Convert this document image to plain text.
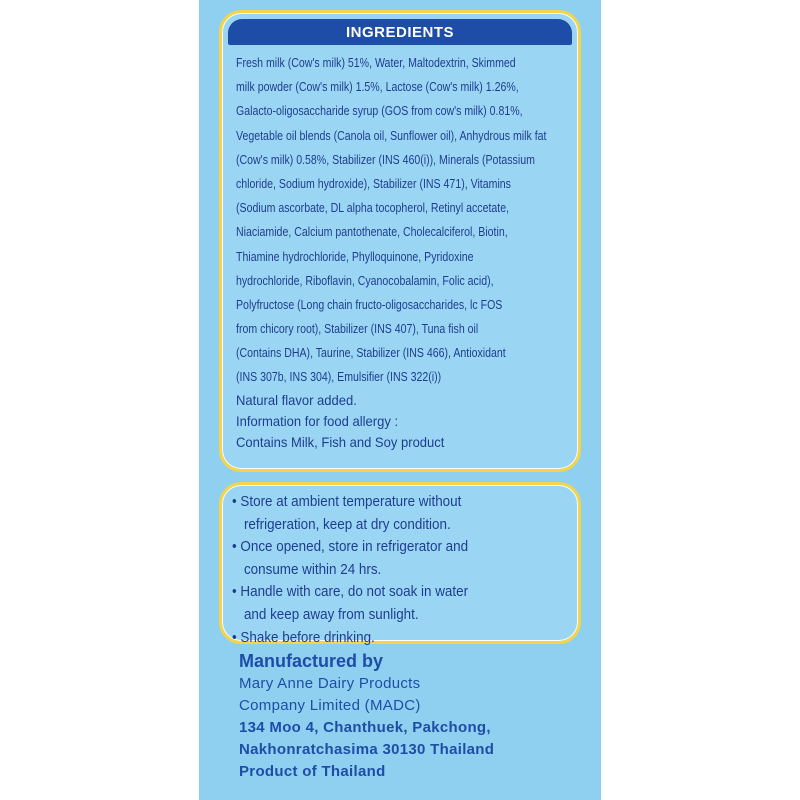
INGREDIENTS
Fresh milk (Cow's milk) 51%, Water, Maltodextrin, Skimmed
milk powder (Cow's milk) 1.5%, Lactose (Cow's milk) 1.26%,
Galacto-oligosaccharide syrup (GOS from cow's milk) 0.81%,
Vegetable oil blends (Canola oil, Sunflower oil), Anhydrous milk fat
(Cow's milk) 0.58%, Stabilizer (INS 460(i)), Minerals (Potassium
chloride, Sodium hydroxide), Stabilizer (INS 471), Vitamins
(Sodium ascorbate, DL alpha tocopherol, Retinyl accetate,
Niaciamide, Calcium pantothenate, Cholecalciferol, Biotin,
Thiamine hydrochloride, Phylloquinone, Pyridoxine
hydrochloride, Riboflavin, Cyanocobalamin, Folic acid),
Polyfructose (Long chain fructo-oligosaccharides, lc FOS
from chicory root), Stabilizer (INS 407), Tuna fish oil
(Contains DHA), Taurine, Stabilizer (INS 466), Antioxidant
(INS 307b, INS 304), Emulsifier (INS 322(i))
Natural flavor added.
Information for food allergy :
Contains Milk, Fish and Soy product
• Store at ambient temperature without
refrigeration, keep at dry condition.
• Once opened, store in refrigerator and
consume within 24 hrs.
• Handle with care, do not soak in water
and keep away from sunlight.
• Shake before drinking.
Manufactured by
Mary Anne Dairy Products
Company Limited (MADC)
134 Moo 4, Chanthuek, Pakchong,
Nakhonratchasima 30130 Thailand
Product of Thailand
